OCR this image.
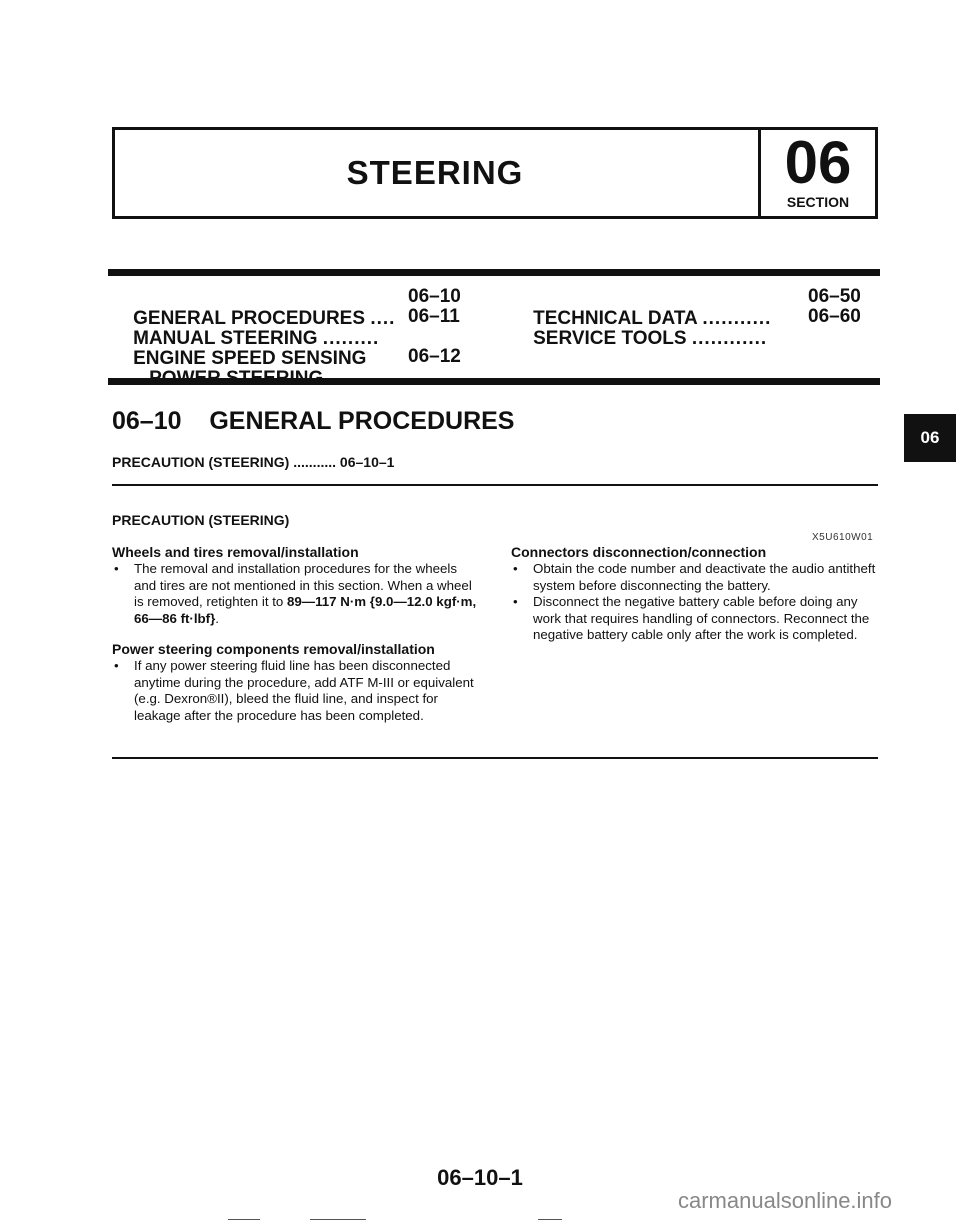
STEERING	06
SECTION

GENERAL PROCEDURES ....

06–10

MANUAL STEERING .........

06–11

ENGINE SPEED SENSING

06–12

TECHNICAL DATA ...........

06–50

SERVICE TOOLS ............

06–60
06–10 GENERAL PROCEDURES
06
PRECAUTION (STEERING) ........... 06–10–1
PRECAUTION (STEERING)
X5U610W01
Wheels and tires removal/installation
• The removal and installation procedures for the wheels and tires are not mentioned in this section. When a wheel is removed, retighten it to 89—117 N·m {9.0—12.0 kgf·m, 66—86 ft·lbf}.
Power steering components removal/installation
• If any power steering fluid line has been disconnected anytime during the procedure, add ATF M-III or equivalent (e.g. Dexron®II), bleed the fluid line, and inspect for leakage after the procedure has been completed.
Connectors disconnection/connection
• Obtain the code number and deactivate the audio antitheft system before disconnecting the battery.
• Disconnect the negative battery cable before doing any work that requires handling of connectors. Reconnect the negative battery cable only after the work is completed.
06–10–1
carmanualsonline.info
